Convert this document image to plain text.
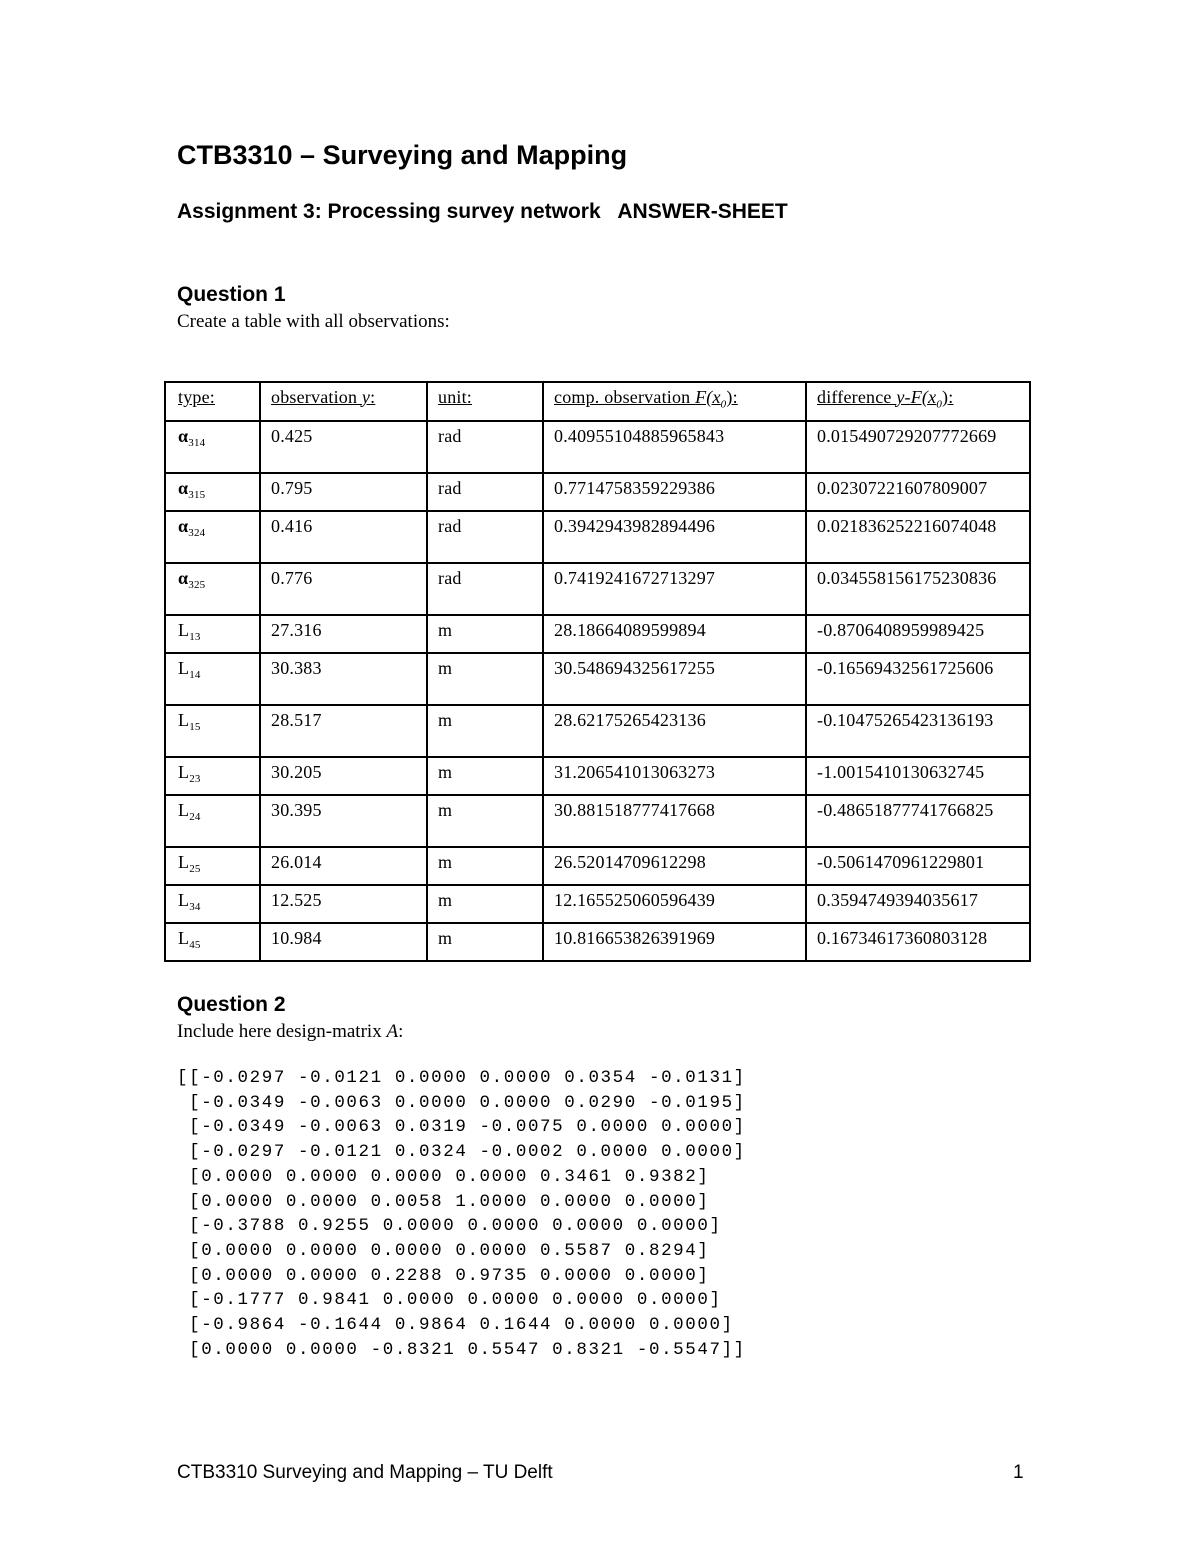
CTB3310 – Surveying and Mapping
Assignment 3: Processing survey network   ANSWER-SHEET
Question 1
Create a table with all observations:
type:	observation y:	unit:	comp. observation $F(x_0)$:	difference $y-F(x_0)$:
$\alpha_{314}$	0.425	rad	0.40955104885965843	0.015490729207772669
$\alpha_{315}$	0.795	rad	0.7714758359229386	0.02307221607809007
$\alpha_{324}$	0.416	rad	0.3942943982894496	0.021836252216074048
$\alpha_{325}$	0.776	rad	0.7419241672713297	0.034558156175230836
$L_{13}$	27.316	m	28.18664089599894	-0.8706408959989425
$L_{14}$	30.383	m	30.548694325617255	-0.16569432561725606
$L_{15}$	28.517	m	28.62175265423136	-0.10475265423136193
$L_{23}$	30.205	m	31.206541013063273	-1.0015410130632745
$L_{24}$	30.395	m	30.881518777417668	-0.48651877741766825
$L_{25}$	26.014	m	26.52014709612298	-0.5061470961229801
$L_{34}$	12.525	m	12.165525060596439	0.3594749394035617
$L_{45}$	10.984	m	10.816653826391969	0.16734617360803128
Question 2
Include here design-matrix A:
[[-0.0297 -0.0121 0.0000 0.0000 0.0354 -0.0131]
[-0.0349 -0.0063 0.0000 0.0000 0.0290 -0.0195]
[-0.0349 -0.0063 0.0319 -0.0075 0.0000 0.0000]
[-0.0297 -0.0121 0.0324 -0.0002 0.0000 0.0000]
[0.0000 0.0000 0.0000 0.0000 0.3461 0.9382]
[0.0000 0.0000 0.0058 1.0000 0.0000 0.0000]
[-0.3788 0.9255 0.0000 0.0000 0.0000 0.0000]
[0.0000 0.0000 0.0000 0.0000 0.5587 0.8294]
[0.0000 0.0000 0.2288 0.9735 0.0000 0.0000]
[-0.1777 0.9841 0.0000 0.0000 0.0000 0.0000]
[-0.9864 -0.1644 0.9864 0.1644 0.0000 0.0000]
[0.0000 0.0000 -0.8321 0.5547 0.8321 -0.5547]]
CTB3310 Surveying and Mapping – TU Delft	1
